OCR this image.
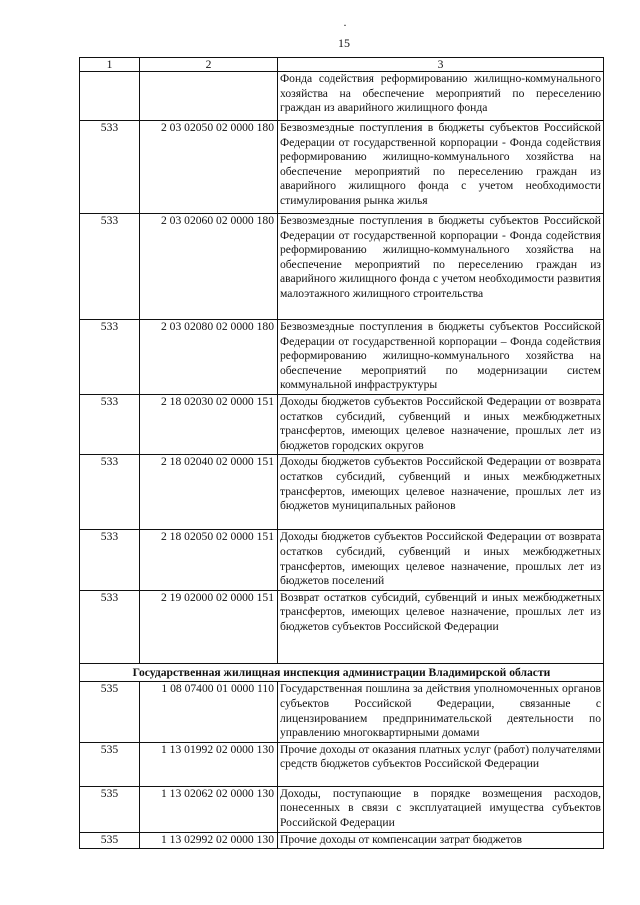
·
15
1	2	3
		Фонда содействия реформированию жилищно-коммунального хозяйства на обеспечение мероприятий по переселению граждан из аварийного жилищного фонда
533	2 03 02050 02 0000 180	Безвозмездные поступления в бюджеты субъектов Российской Федерации от государственной корпорации - Фонда содействия реформированию жилищно-коммунального хозяйства на обеспечение мероприятий по переселению граждан из аварийного жилищного фонда с учетом необходимости стимулирования рынка жилья
533	2 03 02060 02 0000 180	Безвозмездные поступления в бюджеты субъектов Российской Федерации от государственной корпорации - Фонда содействия реформированию жилищно-коммунального хозяйства на обеспечение мероприятий по переселению граждан из аварийного жилищного фонда с учетом необходимости развития малоэтажного жилищного строительства
533	2 03 02080 02 0000 180	Безвозмездные поступления в бюджеты субъектов Российской Федерации от государственной корпорации – Фонда содействия реформированию жилищно-коммунального хозяйства на обеспечение мероприятий по модернизации систем коммунальной инфраструктуры
533	2 18 02030 02 0000 151	Доходы бюджетов субъектов Российской Федерации от возврата остатков субсидий, субвенций и иных межбюджетных трансфертов, имеющих целевое назначение, прошлых лет из бюджетов городских округов
533	2 18 02040 02 0000 151	Доходы бюджетов субъектов Российской Федерации от возврата остатков субсидий, субвенций и иных межбюджетных трансфертов, имеющих целевое назначение, прошлых лет из бюджетов муниципальных районов
533	2 18 02050 02 0000 151	Доходы бюджетов субъектов Российской Федерации от возврата остатков субсидий, субвенций и иных межбюджетных трансфертов, имеющих целевое назначение, прошлых лет из бюджетов поселений
533	2 19 02000 02 0000 151	Возврат остатков субсидий, субвенций и иных межбюджетных трансфертов, имеющих целевое назначение, прошлых лет из бюджетов субъектов Российской Федерации
Государственная жилищная инспекция администрации Владимирской области		
535	1 08 07400 01 0000 110	Государственная пошлина за действия уполномоченных органов субъектов Российской Федерации, связанные с лицензированием предпринимательской деятельности по управлению многоквартирными домами
535	1 13 01992 02 0000 130	Прочие доходы от оказания платных услуг (работ) получателями средств бюджетов субъектов Российской Федерации
535	1 13 02062 02 0000 130	Доходы, поступающие в порядке возмещения расходов, понесенных в связи с эксплуатацией имущества субъектов Российской Федерации
535	1 13 02992 02 0000 130	Прочие доходы от компенсации затрат бюджетов
